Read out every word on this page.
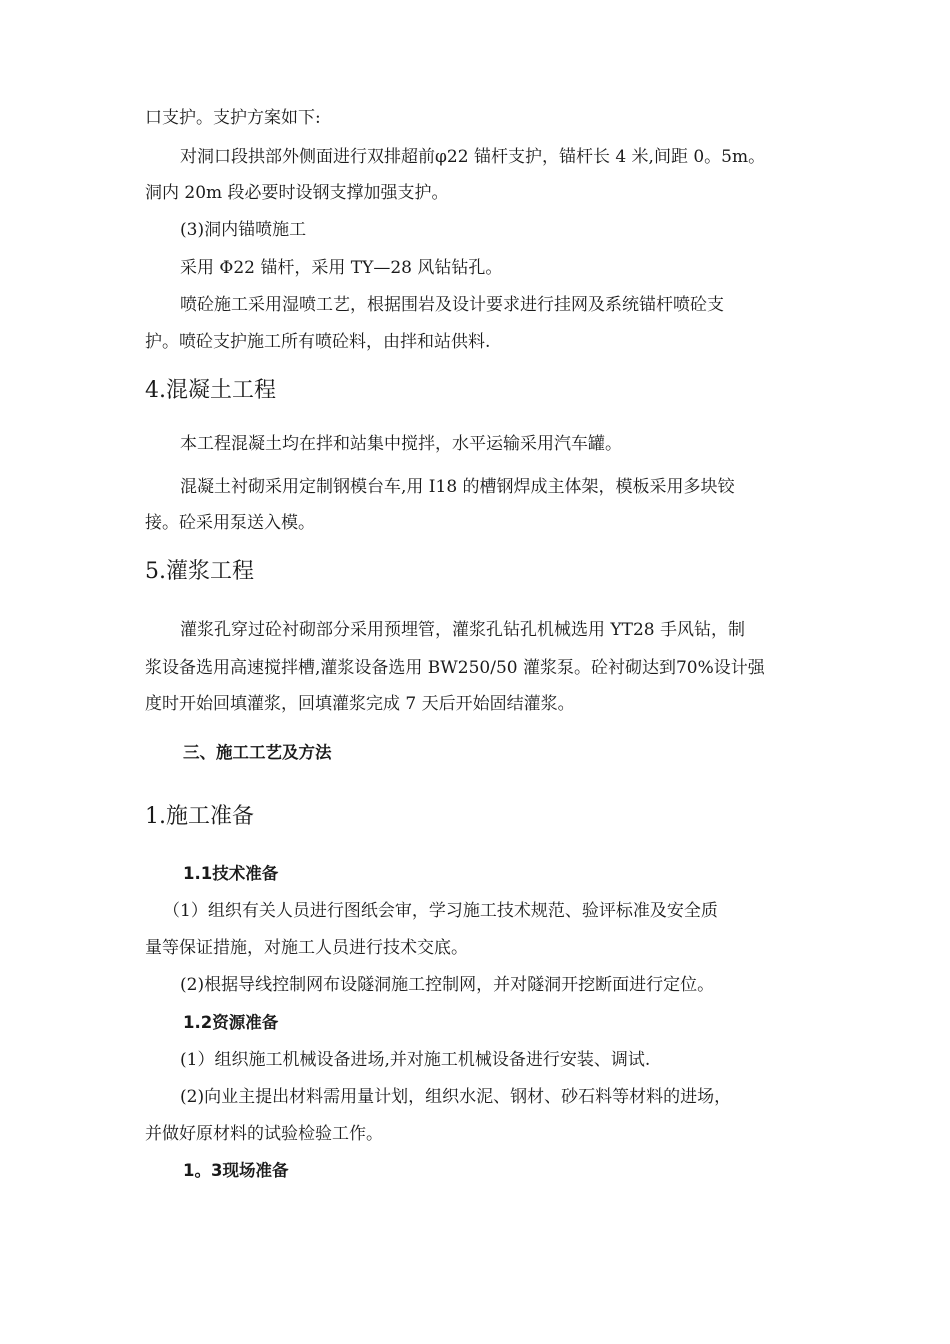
口支护。支护方案如下:
对洞口段拱部外侧面进行双排超前φ22 锚杆支护，锚杆长 4 米,间距 0。5m。
洞内 20m 段必要时设钢支撑加强支护。
(3)洞内锚喷施工
采用 Φ22 锚杆，采用 TY—28 风钻钻孔。
喷砼施工采用湿喷工艺，根据围岩及设计要求进行挂网及系统锚杆喷砼支
护。喷砼支护施工所有喷砼料，由拌和站供料.
4.混凝土工程
本工程混凝土均在拌和站集中搅拌，水平运输采用汽车罐。
混凝土衬砌采用定制钢模台车,用 I18 的槽钢焊成主体架，模板采用多块铰
接。砼采用泵送入模。
5.灌浆工程
灌浆孔穿过砼衬砌部分采用预埋管，灌浆孔钻孔机械选用 YT28 手风钻，制
浆设备选用高速搅拌槽,灌浆设备选用 BW250/50 灌浆泵。砼衬砌达到70%设计强
度时开始回填灌浆，回填灌浆完成 7 天后开始固结灌浆。
三、施工工艺及方法
1.施工准备
1.1技术准备
（1）组织有关人员进行图纸会审，学习施工技术规范、验评标准及安全质
量等保证措施，对施工人员进行技术交底。
(2)根据导线控制网布设隧洞施工控制网，并对隧洞开挖断面进行定位。
1.2资源准备
(1）组织施工机械设备进场,并对施工机械设备进行安装、调试.
(2)向业主提出材料需用量计划，组织水泥、钢材、砂石料等材料的进场，
并做好原材料的试验检验工作。
1。3现场准备
